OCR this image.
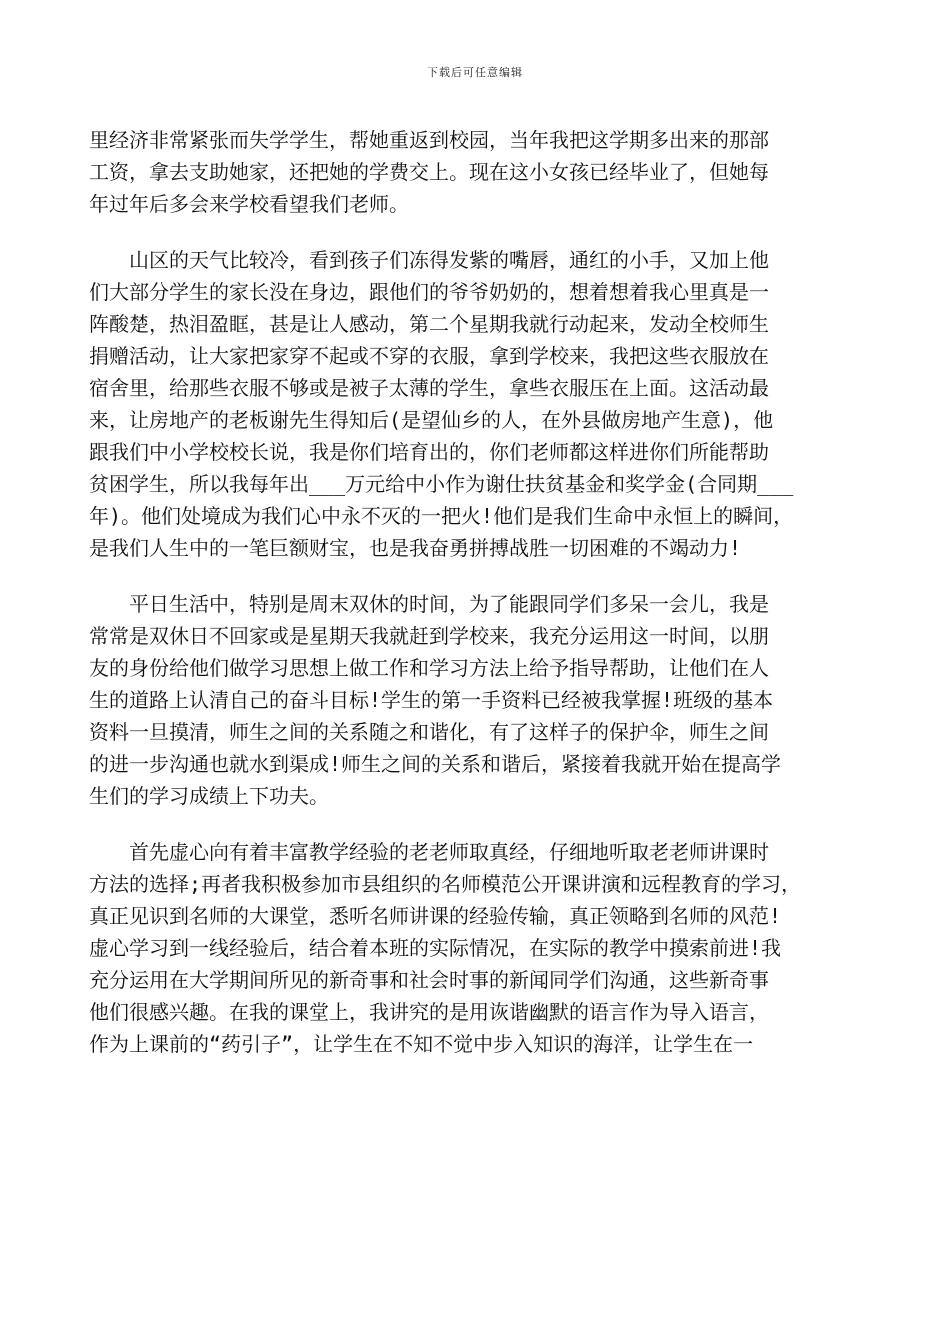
下载后可任意编辑
里经济非常紧张而失学学生，帮她重返到校园，当年我把这学期多出来的那部
工资，拿去支助她家，还把她的学费交上。现在这小女孩已经毕业了，但她每
年过年后多会来学校看望我们老师。
山区的天气比较冷，看到孩子们冻得发紫的嘴唇，通红的小手，又加上他
们大部分学生的家长没在身边，跟他们的爷爷奶奶的，想着想着我心里真是一
阵酸楚，热泪盈眶，甚是让人感动，第二个星期我就行动起来，发动全校师生
捐赠活动，让大家把家穿不起或不穿的衣服，拿到学校来，我把这些衣服放在
宿舍里，给那些衣服不够或是被子太薄的学生，拿些衣服压在上面。这活动最
来，让房地产的老板谢先生得知后(是望仙乡的人，在外县做房地产生意)，他
跟我们中小学校校长说，我是你们培育出的，你们老师都这样进你们所能帮助
贫困学生，所以我每年出___万元给中小作为谢仕扶贫基金和奖学金(合同期___
年)。他们处境成为我们心中永不灭的一把火!他们是我们生命中永恒上的瞬间，
是我们人生中的一笔巨额财宝，也是我奋勇拼搏战胜一切困难的不竭动力!
平日生活中，特别是周末双休的时间，为了能跟同学们多呆一会儿，我是
常常是双休日不回家或是星期天我就赶到学校来，我充分运用这一时间，以朋
友的身份给他们做学习思想上做工作和学习方法上给予指导帮助，让他们在人
生的道路上认清自己的奋斗目标!学生的第一手资料已经被我掌握!班级的基本
资料一旦摸清，师生之间的关系随之和谐化，有了这样子的保护伞，师生之间
的进一步沟通也就水到渠成!师生之间的关系和谐后，紧接着我就开始在提高学
生们的学习成绩上下功夫。
首先虚心向有着丰富教学经验的老老师取真经，仔细地听取老老师讲课时
方法的选择;再者我积极参加市县组织的名师模范公开课讲演和远程教育的学习，
真正见识到名师的大课堂，悉听名师讲课的经验传输，真正领略到名师的风范!
虚心学习到一线经验后，结合着本班的实际情况，在实际的教学中摸索前进!我
充分运用在大学期间所见的新奇事和社会时事的新闻同学们沟通，这些新奇事
他们很感兴趣。在我的课堂上，我讲究的是用诙谐幽默的语言作为导入语言，
作为上课前的“药引子”，让学生在不知不觉中步入知识的海洋，让学生在一
